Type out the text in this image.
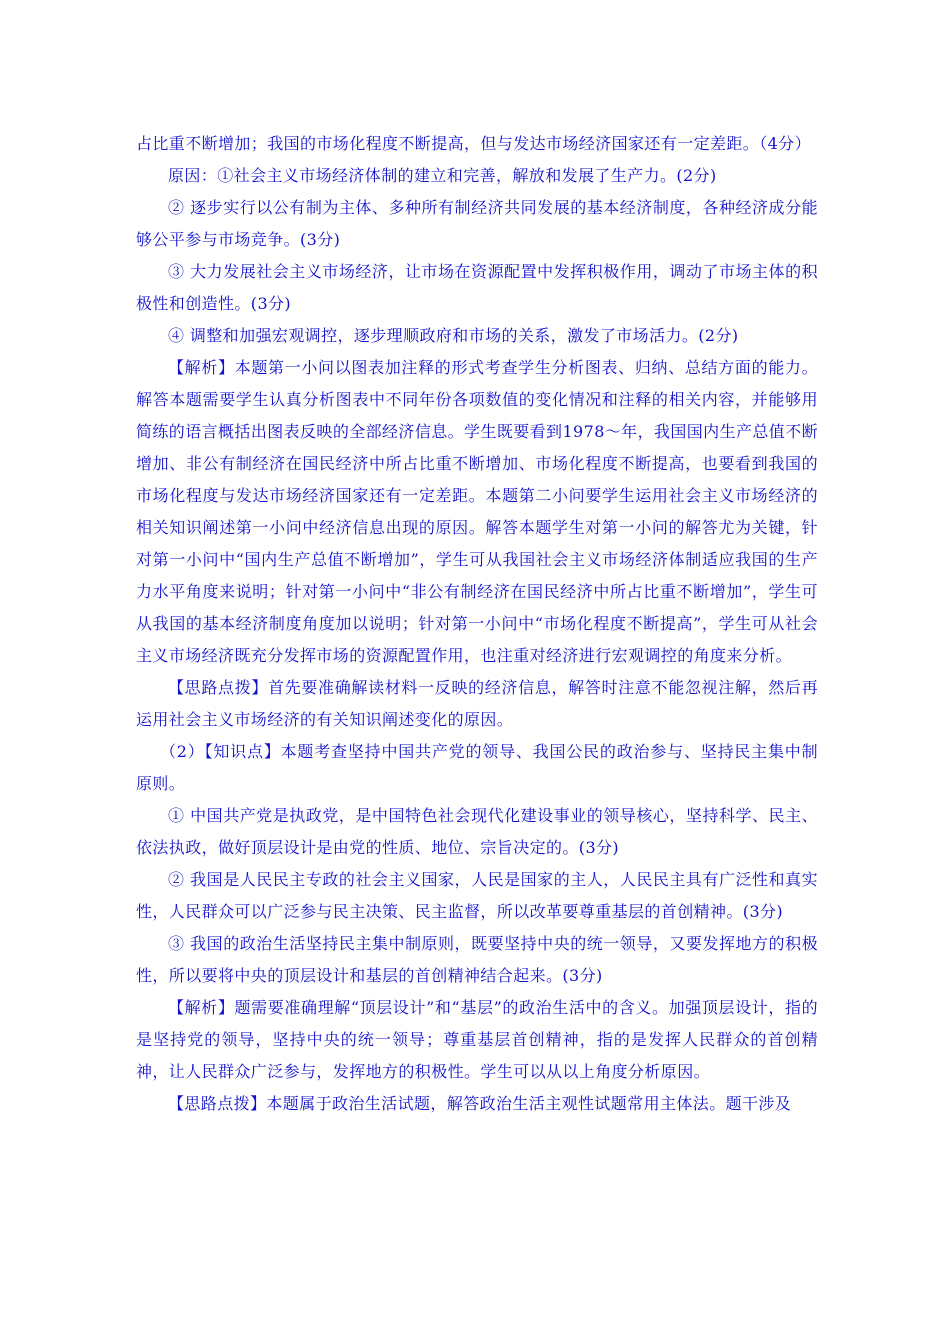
占比重不断增加；我国的市场化程度不断提高，但与发达市场经济国家还有一定差距。（4分）

原因：①社会主义市场经济体制的建立和完善，解放和发展了生产力。(2分)

② 逐步实行以公有制为主体、多种所有制经济共同发展的基本经济制度，各种经济成分能够公平参与市场竞争。(3分)

③ 大力发展社会主义市场经济，让市场在资源配置中发挥积极作用，调动了市场主体的积极性和创造性。(3分)

④ 调整和加强宏观调控，逐步理顺政府和市场的关系，激发了市场活力。(2分)

【解析】本题第一小问以图表加注释的形式考查学生分析图表、归纳、总结方面的能力。解答本题需要学生认真分析图表中不同年份各项数值的变化情况和注释的相关内容，并能够用简练的语言概括出图表反映的全部经济信息。学生既要看到1978～年，我国国内生产总值不断增加、非公有制经济在国民经济中所占比重不断增加、市场化程度不断提高，也要看到我国的市场化程度与发达市场经济国家还有一定差距。本题第二小问要学生运用社会主义市场经济的相关知识阐述第一小问中经济信息出现的原因。解答本题学生对第一小问的解答尤为关键，针对第一小问中“国内生产总值不断增加”，学生可从我国社会主义市场经济体制适应我国的生产力水平角度来说明；针对第一小问中“非公有制经济在国民经济中所占比重不断增加”，学生可从我国的基本经济制度角度加以说明；针对第一小问中“市场化程度不断提高”，学生可从社会主义市场经济既充分发挥市场的资源配置作用，也注重对经济进行宏观调控的角度来分析。

【思路点拨】首先要准确解读材料一反映的经济信息，解答时注意不能忽视注解，然后再运用社会主义市场经济的有关知识阐述变化的原因。

（2）【知识点】本题考查坚持中国共产党的领导、我国公民的政治参与、坚持民主集中制原则。

① 中国共产党是执政党，是中国特色社会现代化建设事业的领导核心，坚持科学、民主、依法执政，做好顶层设计是由党的性质、地位、宗旨决定的。(3分)

② 我国是人民民主专政的社会主义国家，人民是国家的主人，人民民主具有广泛性和真实性，人民群众可以广泛参与民主决策、民主监督，所以改革要尊重基层的首创精神。(3分)

③ 我国的政治生活坚持民主集中制原则，既要坚持中央的统一领导，又要发挥地方的积极性，所以要将中央的顶层设计和基层的首创精神结合起来。(3分)

【解析】题需要准确理解“顶层设计”和“基层”的政治生活中的含义。加强顶层设计，指的是坚持党的领导，坚持中央的统一领导；尊重基层首创精神，指的是发挥人民群众的首创精神，让人民群众广泛参与，发挥地方的积极性。学生可以从以上角度分析原因。

【思路点拨】本题属于政治生活试题，解答政治生活主观性试题常用主体法。题干涉及
